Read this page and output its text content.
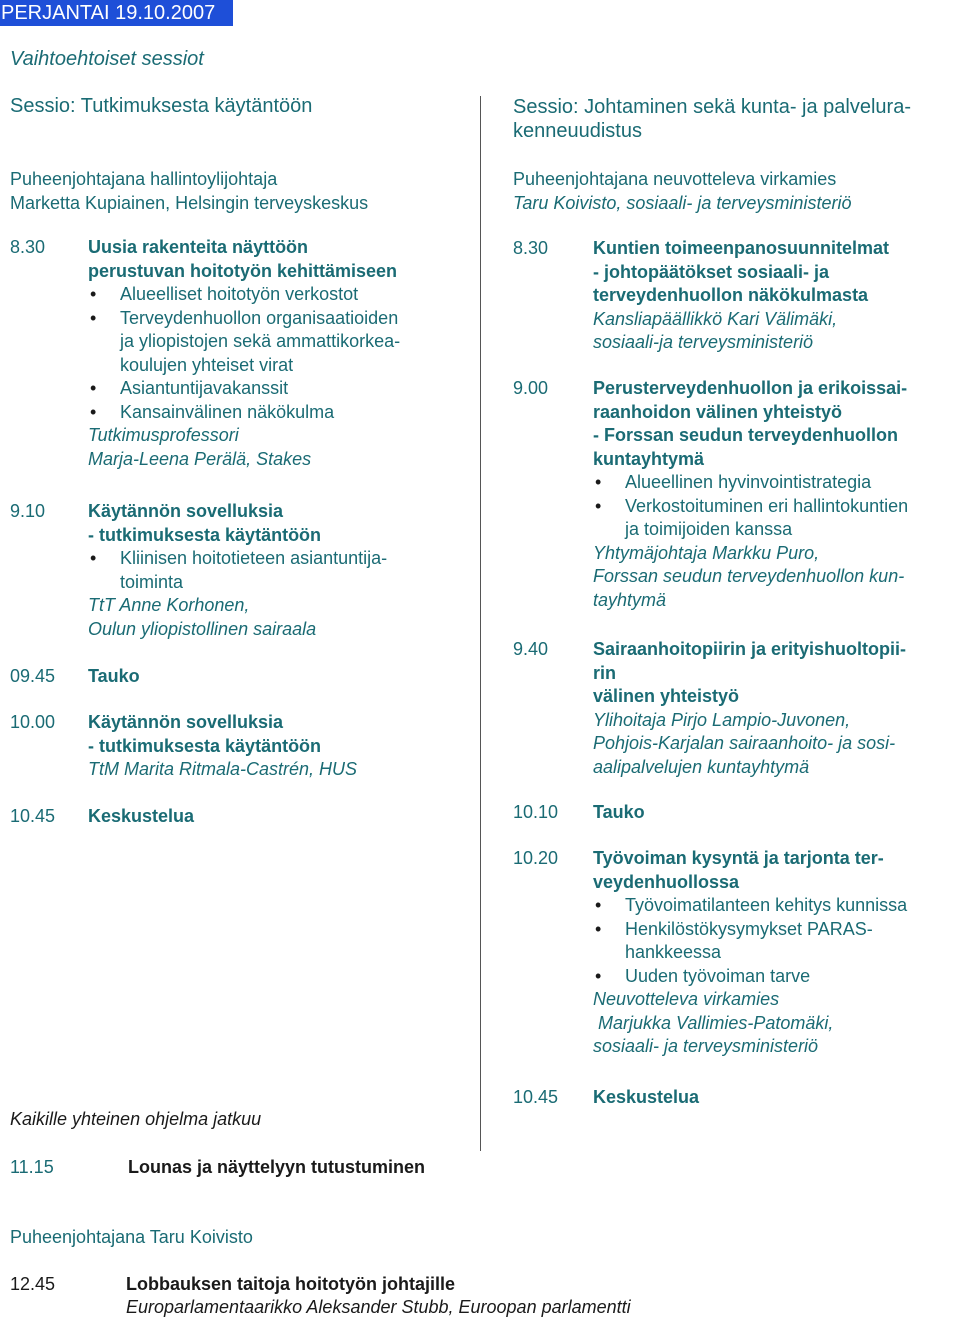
PERJANTAI 19.10.2007
Vaihtoehtoiset sessiot
Sessio: Tutkimuksesta käytäntöön	Sessio: Johtaminen sekä kunta- ja palvelura-
kenneuudistus
Puheenjohtajana hallintoylijohtaja
Marketta Kupiainen, Helsingin terveyskeskus
Puheenjohtajana neuvotteleva virkamies
Taru Koivisto, sosiaali- ja terveysministeriö
8.30 Uusia rakenteita näyttöön
perustuvan hoitotyön kehittämiseen
• Alueelliset hoitotyön verkostot
• Terveydenhuollon organisaatioiden
ja yliopistojen sekä ammattikorkea-
koulujen yhteiset virat
• Asiantuntijavakanssit
• Kansainvälinen näkökulma
Tutkimusprofessori
Marja-Leena Perälä, Stakes
9.10 Käytännön sovelluksia
- tutkimuksesta käytäntöön
• Kliinisen hoitotieteen asiantuntija-
toiminta
TtT Anne Korhonen,
Oulun yliopistollinen sairaala
09.45 Tauko
10.00 Käytännön sovelluksia
- tutkimuksesta käytäntöön
TtM Marita Ritmala-Castrén, HUS
10.45 Keskustelua
8.30 Kuntien toimeenpanosuunnitelmat
- johtopäätökset sosiaali- ja
terveydenhuollon näkökulmasta
Kansliapäällikkö Kari Välimäki,
sosiaali-ja terveysministeriö
9.00 Perusterveydenhuollon ja erikoissai-
raanhoidon välinen yhteistyö
- Forssan seudun terveydenhuollon
kuntayhtymä
• Alueellinen hyvinvointistrategia
• Verkostoituminen eri hallintokuntien
ja toimijoiden kanssa
Yhtymäjohtaja Markku Puro,
Forssan seudun terveydenhuollon kun-
tayhtymä
9.40 Sairaanhoitopiirin ja erityishuoltopii-
rin
välinen yhteistyö
Ylihoitaja Pirjo Lampio-Juvonen,
Pohjois-Karjalan sairaanhoito- ja sosi-
aalipalvelujen kuntayhtymä
10.10 Tauko
10.20 Työvoiman kysyntä ja tarjonta ter-
veydenhuollossa
• Työvoimatilanteen kehitys kunnissa
• Henkilöstökysymykset PARAS-
hankkeessa
• Uuden työvoiman tarve
Neuvotteleva virkamies
Marjukka Vallimies-Patomäki,
sosiaali- ja terveysministeriö
10.45 Keskustelua
Kaikille yhteinen ohjelma jatkuu
11.15	Lounas ja näyttelyyn tutustuminen
Puheenjohtajana Taru Koivisto
12.45	Lobbauksen taitoja hoitotyön johtajille
Europarlamentaarikko Aleksander Stubb, Euroopan parlamentti
